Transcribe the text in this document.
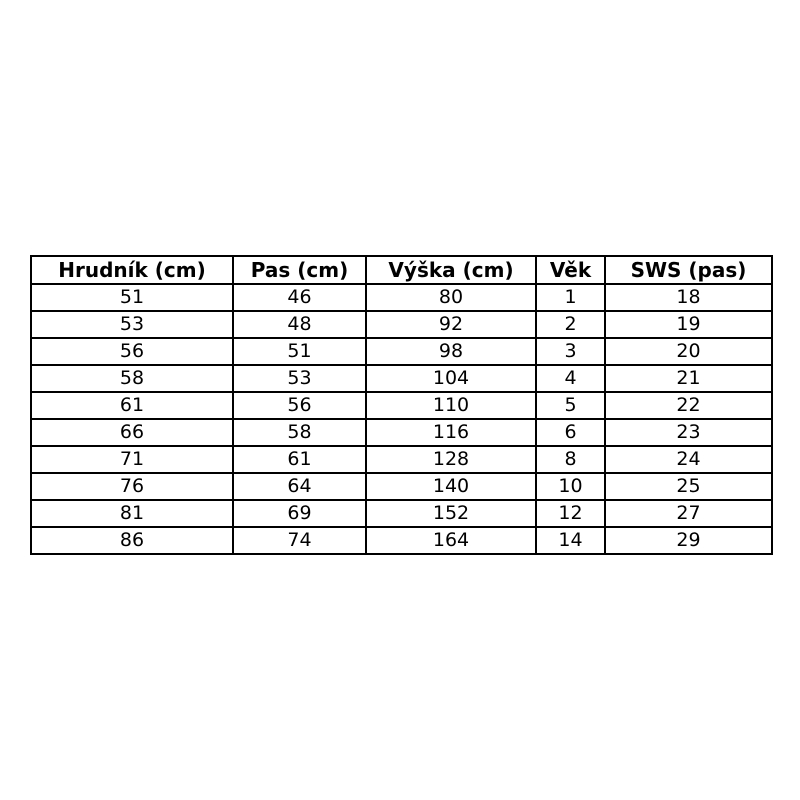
Hrudník (cm)	Pas (cm)	Výška (cm)	Věk	SWS (pas)
51	46	80	1	18
53	48	92	2	19
56	51	98	3	20
58	53	104	4	21
61	56	110	5	22
66	58	116	6	23
71	61	128	8	24
76	64	140	10	25
81	69	152	12	27
86	74	164	14	29
